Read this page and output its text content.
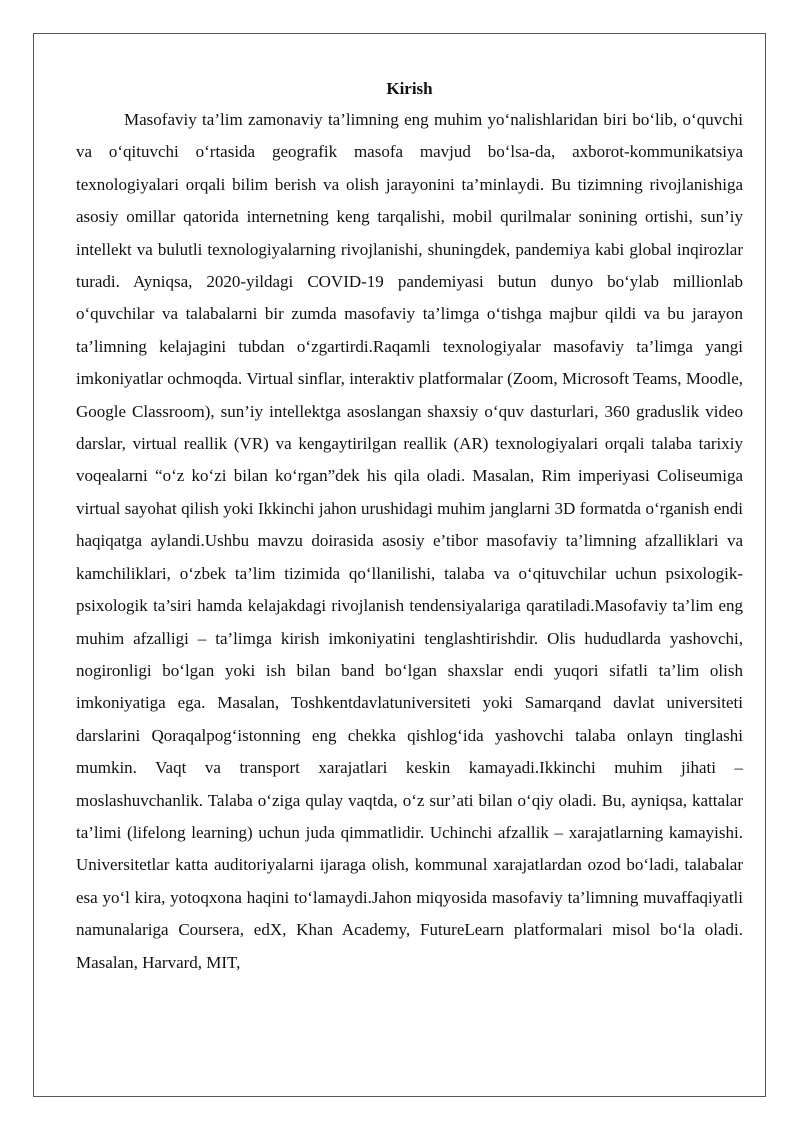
Kirish

Masofaviy ta’lim zamonaviy ta’limning eng muhim yo‘nalishlaridan biri bo‘lib, o‘quvchi va o‘qituvchi o‘rtasida geografik masofa mavjud bo‘lsa-da, axborot-kommunikatsiya texnologiyalari orqali bilim berish va olish jarayonini ta’minlaydi. Bu tizimning rivojlanishiga asosiy omillar qatorida internetning keng tarqalishi, mobil qurilmalar sonining ortishi, sun’iy intellekt va bulutli texnologiyalarning rivojlanishi, shuningdek, pandemiya kabi global inqirozlar turadi. Ayniqsa, 2020-yildagi COVID-19 pandemiyasi butun dunyo bo‘ylab millionlab o‘quvchilar va talabalarni bir zumda masofaviy ta’limga o‘tishga majbur qildi va bu jarayon ta’limning kelajagini tubdan o‘zgartirdi.Raqamli texnologiyalar masofaviy ta’limga yangi imkoniyatlar ochmoqda. Virtual sinflar, interaktiv platformalar (Zoom, Microsoft Teams, Moodle, Google Classroom), sun’iy intellektga asoslangan shaxsiy o‘quv dasturlari, 360 graduslik video darslar, virtual reallik (VR) va kengaytirilgan reallik (AR) texnologiyalari orqali talaba tarixiy voqealarni “o‘z ko‘zi bilan ko‘rgan”dek his qila oladi. Masalan, Rim imperiyasi Coliseumiga virtual sayohat qilish yoki Ikkinchi jahon urushidagi muhim janglarni 3D formatda o‘rganish endi haqiqatga aylandi.Ushbu mavzu doirasida asosiy e’tibor masofaviy ta’limning afzalliklari va kamchiliklari, o‘zbek ta’lim tizimida qo‘llanilishi, talaba va o‘qituvchilar uchun psixologik-psixologik ta’siri hamda kelajakdagi rivojlanish tendensiyalariga qaratiladi.Masofaviy ta’lim eng muhim afzalligi – ta’limga kirish imkoniyatini tenglashtirishdir. Olis hududlarda yashovchi, nogironligi bo‘lgan yoki ish bilan band bo‘lgan shaxslar endi yuqori sifatli ta’lim olish imkoniyatiga ega. Masalan, Toshkentdavlatuniversiteti yoki Samarqand davlat universiteti darslarini Qoraqalpog‘istonning eng chekka qishlog‘ida yashovchi talaba onlayn tinglashi mumkin. Vaqt va transport xarajatlari keskin kamayadi.Ikkinchi muhim jihati – moslashuvchanlik. Talaba o‘ziga qulay vaqtda, o‘z sur’ati bilan o‘qiy oladi. Bu, ayniqsa, kattalar ta’limi (lifelong learning) uchun juda qimmatlidir. Uchinchi afzallik – xarajatlarning kamayishi. Universitetlar katta auditoriyalarni ijaraga olish, kommunal xarajatlardan ozod bo‘ladi, talabalar esa yo‘l kira, yotoqxona haqini to‘lamaydi.Jahon miqyosida masofaviy ta’limning muvaffaqiyatli namunalariga Coursera, edX, Khan Academy, FutureLearn platformalari misol bo‘la oladi. Masalan, Harvard, MIT,
